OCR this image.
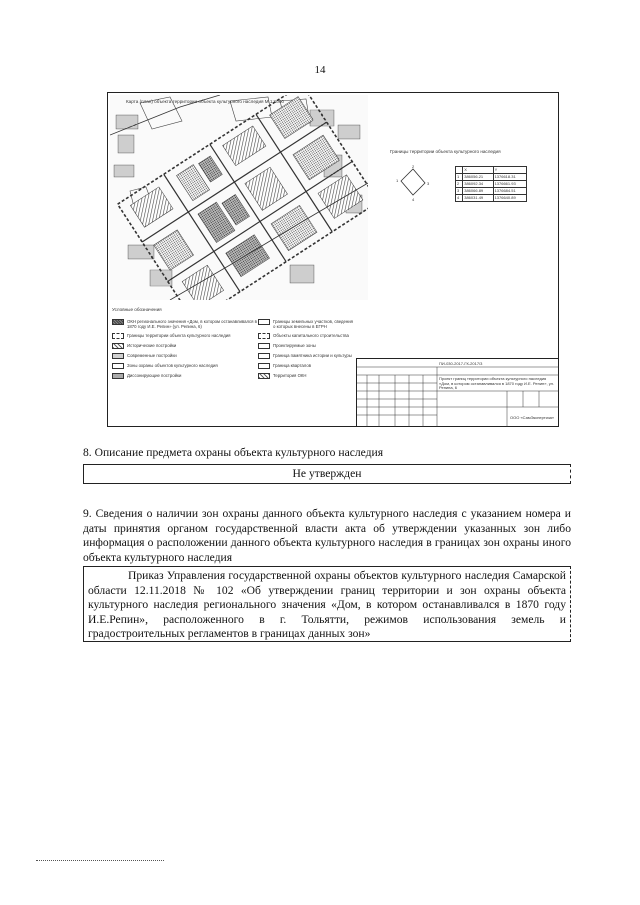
14
Карта (план) объекта территории объекта культурного наследия М 1:1000
Границы территории объекта культурного наследия
1
2
3
4
	X	Y
1	386056.21	1376618.31
2	386092.34	1376661.93
3	386066.89	1376684.51
4	386031.49	1376640.89
Условные обозначения
ОКН регионального значения «Дом, в котором останавливался в 1870 году И.Е. Репин» (ул. Репина, 6)
Границы территории объекта культурного наследия
Исторические постройки
Современные постройки
Зоны охраны объектов культурного наследия
Диссонирующие постройки
Границы земельных участков, сведения о которых внесены в ЕГРН
Объекты капитального строительства
Проектируемые зоны
Граница памятника истории и культуры
Граница кварталов
Территория ОКН
ПИ-030-2017-ГК-2017/3
Проект границ территории объекта культурного наследия «Дом, в котором останавливался в 1870 году И.Е. Репин», ул. Репина, 6
ООО «СамЭкспертиза»
8. Описание предмета охраны объекта культурного наследия
Не утвержден
9. Сведения о наличии зон охраны данного объекта культурного наследия с указанием номера и даты принятия органом государственной власти акта об утверждении указанных зон либо информация о расположении данного объекта культурного наследия в границах зон охраны иного объекта культурного наследия
Приказ Управления государственной охраны объектов культурного наследия Самарской области 12.11.2018 № 102 «Об утверждении границ территории и зон охраны объекта культурного наследия регионального значения «Дом, в котором останавливался в 1870 году И.Е.Репин», расположенного в г. Тольятти, режимов использования земель и градостроительных регламентов в границах данных зон»
